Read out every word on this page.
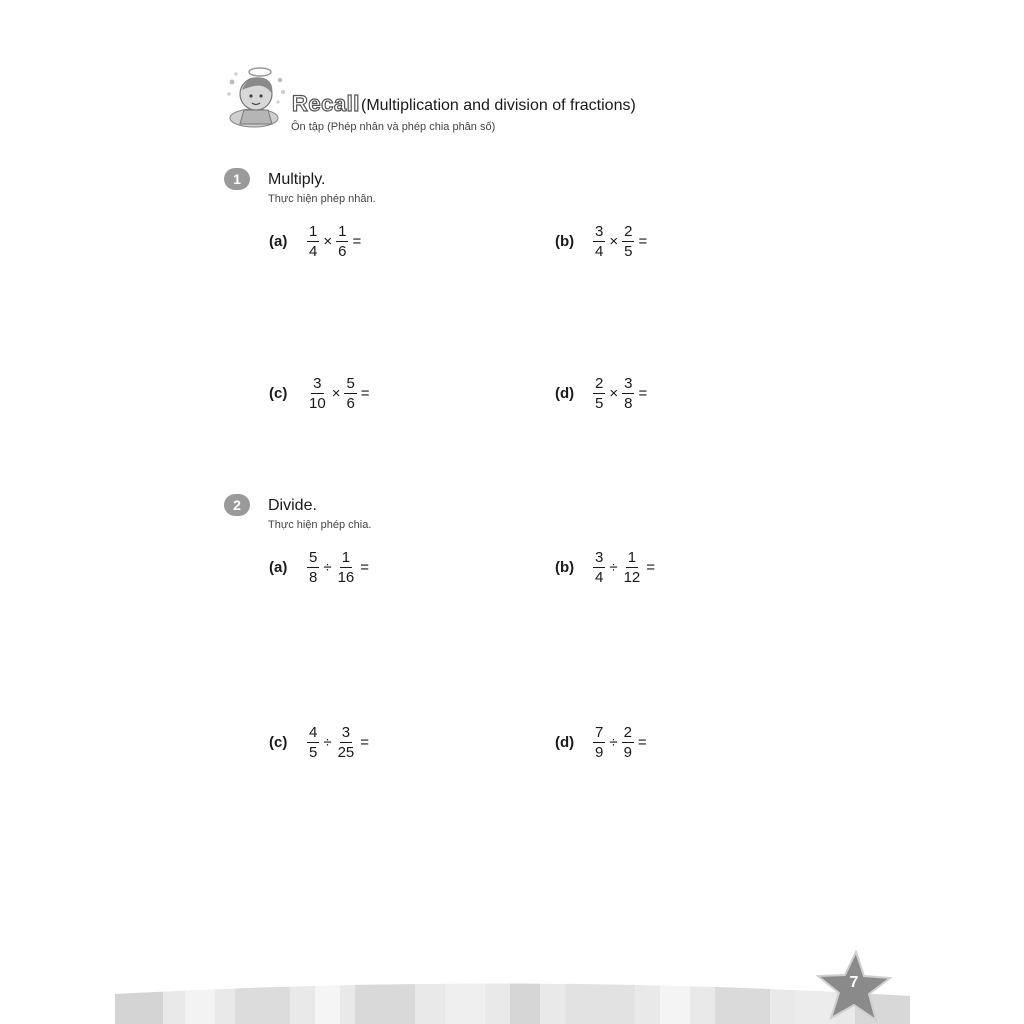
Recall (Multiplication and division of fractions)
Ôn tập (Phép nhân và phép chia phân số)
1	Multiply.
Thực hiện phép nhân.
(a)	$\frac{1}{4} \times \frac{1}{6}$ =	(b)	$\frac{3}{4} \times \frac{2}{5}$ =
(c)	$\frac{3}{10} \times \frac{5}{6}$ =	(d)	$\frac{2}{5} \times \frac{3}{8}$ =
2	Divide.
Thực hiện phép chia.
(a)	$\frac{5}{8} \div \frac{1}{16}$ =	(b)	$\frac{3}{4} \div \frac{1}{12}$ =
(c)	$\frac{4}{5} \div \frac{3}{25}$ =	(d)	$\frac{7}{9} \div \frac{2}{9}$ =
7
